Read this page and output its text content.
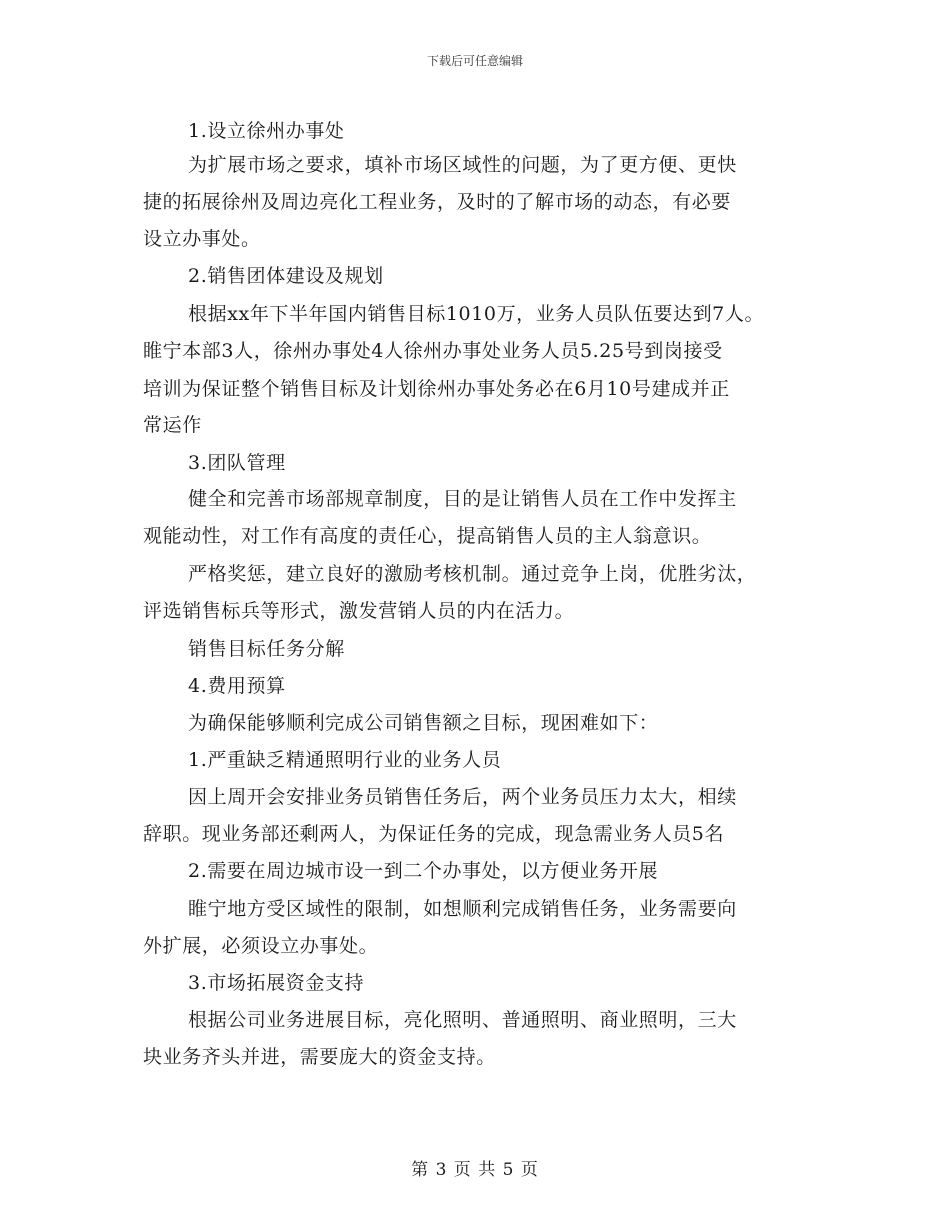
下载后可任意编辑
1.设立徐州办事处
为扩展市场之要求，填补市场区域性的问题，为了更方便、更快
捷的拓展徐州及周边亮化工程业务，及时的了解市场的动态，有必要
设立办事处。
2.销售团体建设及规划
根据xx年下半年国内销售目标1010万，业务人员队伍要达到7人。
睢宁本部3人，徐州办事处4人徐州办事处业务人员5.25号到岗接受
培训为保证整个销售目标及计划徐州办事处务必在6月10号建成并正
常运作
3.团队管理
健全和完善市场部规章制度，目的是让销售人员在工作中发挥主
观能动性，对工作有高度的责任心，提高销售人员的主人翁意识。
严格奖惩，建立良好的激励考核机制。通过竞争上岗，优胜劣汰，
评选销售标兵等形式，激发营销人员的内在活力。
销售目标任务分解
4.费用预算
为确保能够顺利完成公司销售额之目标，现困难如下：
1.严重缺乏精通照明行业的业务人员
因上周开会安排业务员销售任务后，两个业务员压力太大，相续
辞职。现业务部还剩两人，为保证任务的完成，现急需业务人员5名
2.需要在周边城市设一到二个办事处，以方便业务开展
睢宁地方受区域性的限制，如想顺利完成销售任务，业务需要向
外扩展，必须设立办事处。
3.市场拓展资金支持
根据公司业务进展目标，亮化照明、普通照明、商业照明，三大
块业务齐头并进，需要庞大的资金支持。
第 3 页 共 5 页
